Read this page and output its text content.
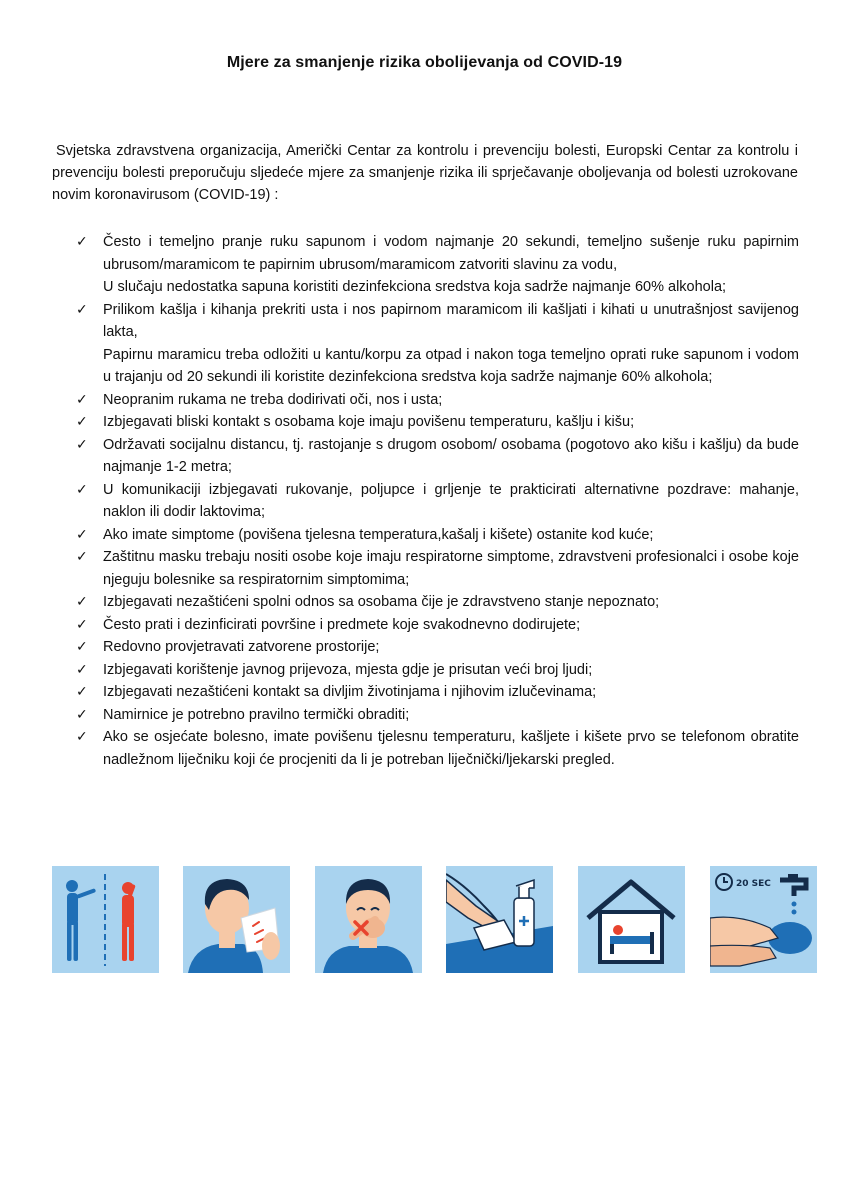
Mjere za smanjenje rizika obolijevanja od COVID-19

Svjetska zdravstvena organizacija, Američki Centar za kontrolu i prevenciju bolesti, Europski Centar za kontrolu i prevenciju bolesti preporučuju sljedeće mjere za smanjenje rizika ili sprječavanje oboljevanja od bolesti uzrokovane novim koronavirusom (COVID-19) :

✓	Često i temeljno pranje ruku sapunom i vodom najmanje 20 sekundi, temeljno sušenje ruku papirnim ubrusom/maramicom te papirnim ubrusom/maramicom zatvoriti slavinu za vodu,
U slučaju nedostatka sapuna koristiti dezinfekciona sredstva koja sadrže najmanje 60% alkohola;
✓	Prilikom kašlja i kihanja prekriti usta i nos papirnom maramicom ili kašljati i kihati u unutrašnjost savijenog lakta,
Papirnu maramicu treba odložiti u kantu/korpu za otpad i nakon toga temeljno oprati ruke sapunom i vodom u trajanju od 20 sekundi ili koristite dezinfekciona sredstva koja sadrže najmanje 60% alkohola;
✓	Neopranim rukama ne treba dodirivati oči, nos i usta;
✓	Izbjegavati bliski kontakt s osobama koje imaju povišenu temperaturu, kašlju i kišu;
✓	Održavati socijalnu distancu, tj. rastojanje s drugom osobom/ osobama (pogotovo ako kišu i kašlju) da bude najmanje 1-2 metra;
✓	U komunikaciji izbjegavati rukovanje, poljupce i grljenje te prakticirati alternativne pozdrave: mahanje, naklon ili dodir laktovima;
✓	Ako imate simptome (povišena tjelesna temperatura,kašalj i kišete) ostanite kod kuće;
✓	Zaštitnu masku trebaju nositi osobe koje imaju respiratorne simptome, zdravstveni profesionalci i osobe koje njeguju bolesnike sa respiratornim simptomima;
✓	Izbjegavati nezaštićeni spolni odnos sa osobama čije je zdravstveno stanje nepoznato;
✓	Često prati i dezinficirati površine i predmete koje svakodnevno dodirujete;
✓	Redovno provjetravati zatvorene prostorije;
✓	Izbjegavati korištenje javnog prijevoza, mjesta gdje je prisutan veći broj ljudi;
✓	Izbjegavati nezaštićeni kontakt sa divljim životinjama i njihovim izlučevinama;
✓	Namirnice je potrebno pravilno termički obraditi;
✓	Ako se osjećate bolesno, imate povišenu tjelesnu temperaturu, kašljete i kišete prvo se telefonom obratite nadležnom liječniku koji će procjeniti da li je potreban liječnički/ljekarski pregled.
20 SEC
